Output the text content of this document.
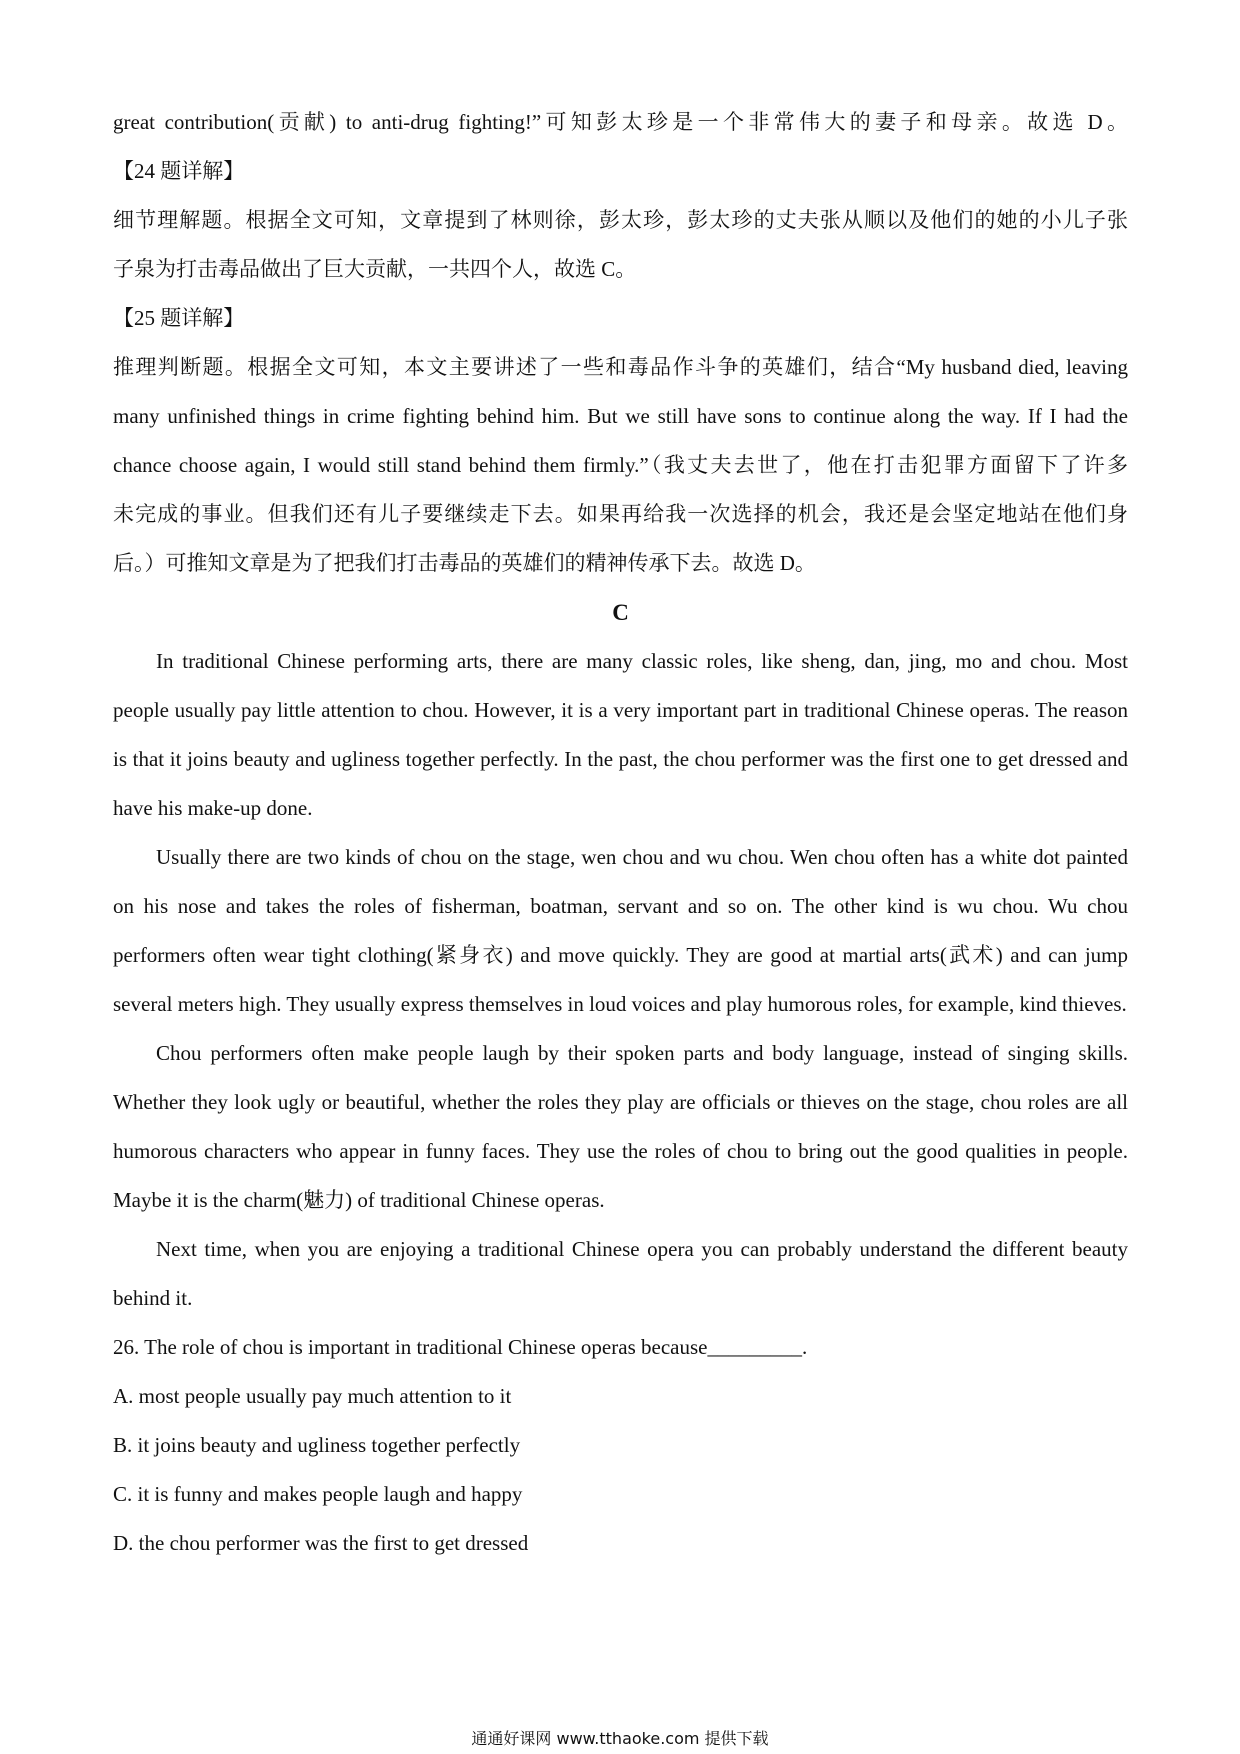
great contribution(贡献) to anti-drug fighting!”可知彭太珍是一个非常伟大的妻子和母亲。故选 D。
【24 题详解】
细节理解题。根据全文可知，文章提到了林则徐，彭太珍，彭太珍的丈夫张从顺以及他们的她的小儿子张
子泉为打击毒品做出了巨大贡献，一共四个人，故选 C。
【25 题详解】
推理判断题。根据全文可知，本文主要讲述了一些和毒品作斗争的英雄们，结合“My husband died, leaving
many unfinished things in crime fighting behind him. But we still have sons to continue along the way. If I had the
chance choose again, I would still stand behind them firmly.”（我丈夫去世了，他在打击犯罪方面留下了许多
未完成的事业。但我们还有儿子要继续走下去。如果再给我一次选择的机会，我还是会坚定地站在他们身
后。）可推知文章是为了把我们打击毒品的英雄们的精神传承下去。故选 D。
C
In traditional Chinese performing arts, there are many classic roles, like sheng, dan, jing, mo and chou. Most people usually pay little attention to chou. However, it is a very important part in traditional Chinese operas. The reason is that it joins beauty and ugliness together perfectly. In the past, the chou performer was the first one to get dressed and have his make-up done.
Usually there are two kinds of chou on the stage, wen chou and wu chou. Wen chou often has a white dot painted on his nose and takes the roles of fisherman, boatman, servant and so on. The other kind is wu chou. Wu chou performers often wear tight clothing(紧身衣) and move quickly. They are good at martial arts(武术) and can jump several meters high. They usually express themselves in loud voices and play humorous roles, for example, kind thieves.
Chou performers often make people laugh by their spoken parts and body language, instead of singing skills. Whether they look ugly or beautiful, whether the roles they play are officials or thieves on the stage, chou roles are all humorous characters who appear in funny faces. They use the roles of chou to bring out the good qualities in people. Maybe it is the charm(魅力) of traditional Chinese operas.
Next time, when you are enjoying a traditional Chinese opera you can probably understand the different beauty behind it.
26. The role of chou is important in traditional Chinese operas because_________.
A. most people usually pay much attention to it
B. it joins beauty and ugliness together perfectly
C. it is funny and makes people laugh and happy
D. the chou performer was the first to get dressed
通通好课网 www.tthaoke.com 提供下载
